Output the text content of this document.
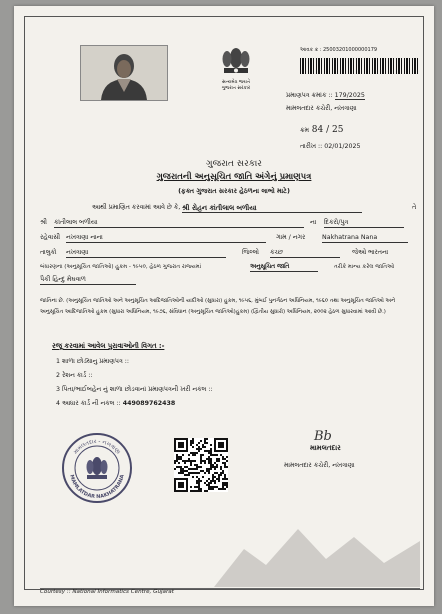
સત્યમેવ જયતે
ગુજરાત સરકાર
આવક ક્ર : 25003201000000179
પ્રમાણપત્ર ક્રમાંક :: 179/2025
મામલતદાર કચેરી, નખત્રાણા
ક્રમ 84 / 25
તારીખ :: 02/01/2025
ગુજરાત સરકાર
ગુજરાતની અનુસૂચિત જાતિ અંગેનું પ્રમાણપત્ર
(ફક્ત ગુજરાત સરકાર હેઠળના લાભો માટે)
આથી પ્રમાણિત કરવામાં આવે છે કે, શ્રી રોહન કાંતીલાલ બળીયા	તે
શ્રી કાંતીલાલ બળીયા	ના દિકરો/પુત્ર
રહેવાસી નખત્રાણા નાના	ગામ / નગર	Nakhatrana Nana
તાલુકો નખત્રાણા	જિલ્લો કચ્છ	જેઓ ભારતના
બંધારણના (અનુસૂચિત જાતિઓ) હુકમ - ૧૯૫૦, હેઠળ ગુજરાત રાજ્યમાં	અનુસૂચિત જાતિ	તરીકે માન્ય કરેલ જાતિઓ
પૈકી હિન્દુ મેઘવાળ
જાતિના છે. (અનુસૂચિત જાતિઓ અને અનુસૂચિત આદિજાતિઓની યાદીઓ (સુધારા) હુકમ, ૧૯૫૬, મુંબઈ પુનર્ગઠન અધિનિયમ, ૧૯૬૦ તથા અનુસૂચિત જાતિઓ અને અનુસૂચિત આદિજાતિઓ હુકમ (સુધારા અધિનિયમ, ૧૯૭૬, સંવિધાન (અનુસૂચિત જાતિઓ)હુકમ) (દ્વિતીય સુધારો) અધિનિયમ, ૨૦૦૨ હેઠળ સુધારવામાં આવી છે.)
રજૂ કરવામાં આવેલ પુરાવાઓની વિગત :-
1 શાળા છોડ્યાનુ પ્રમાણપત્ર ::
2 રેશન કાર્ડ ::
3 પિતા/ભાઈબહેન નું શાળા છોડવાનાં પ્રમાણપત્રની ખરી નકલ ::
4 આધાર કાર્ડ ની નકલ :: 449089762438
મામલતદાર - નખત્રાણા
MAMLATDAR NAKHATRANA
Bb
મામલતદાર
મામલતદાર કચેરી, નખત્રાણા
Courtesy :: National Informatics Centre, Gujarat
